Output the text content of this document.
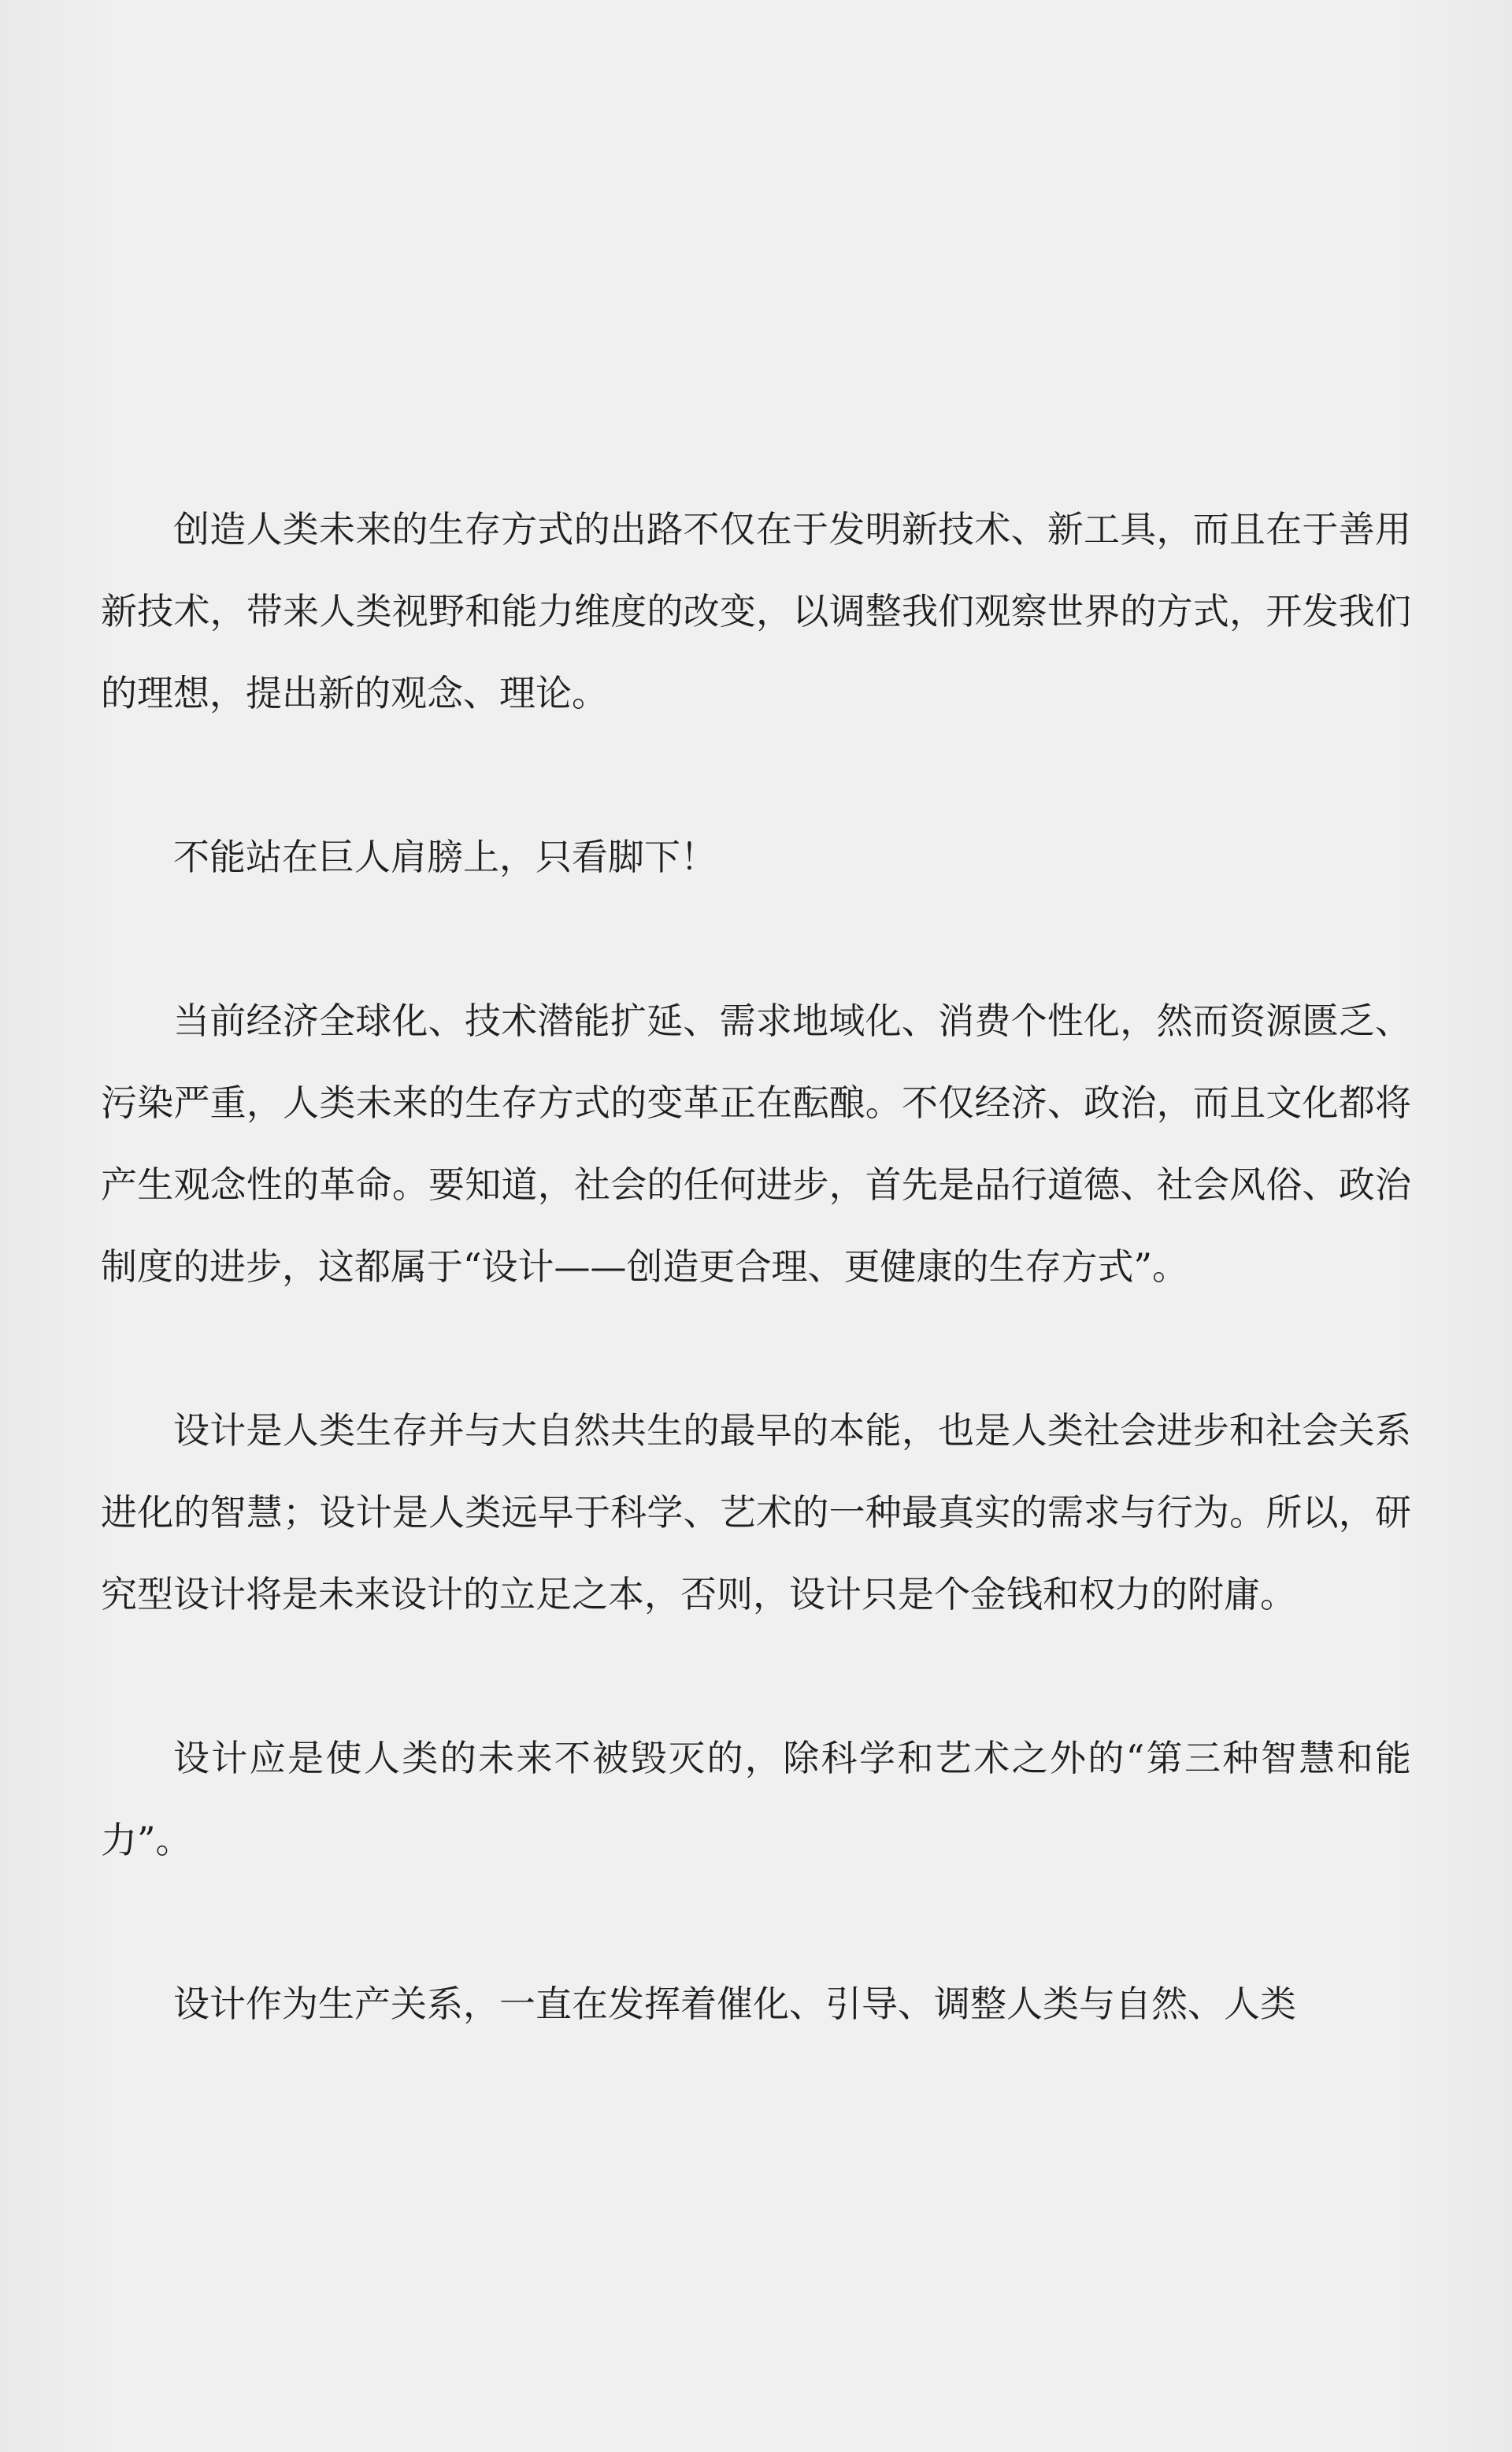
创造人类未来的生存方式的出路不仅在于发明新技术、新工具，而且在于善用新技术，带来人类视野和能力维度的改变，以调整我们观察世界的方式，开发我们的理想，提出新的观念、理论。

不能站在巨人肩膀上，只看脚下！

当前经济全球化、技术潜能扩延、需求地域化、消费个性化，然而资源匮乏、污染严重，人类未来的生存方式的变革正在酝酿。不仅经济、政治，而且文化都将产生观念性的革命。要知道，社会的任何进步，首先是品行道德、社会风俗、政治制度的进步，这都属于“设计——创造更合理、更健康的生存方式”。

设计是人类生存并与大自然共生的最早的本能，也是人类社会进步和社会关系进化的智慧；设计是人类远早于科学、艺术的一种最真实的需求与行为。所以，研究型设计将是未来设计的立足之本，否则，设计只是个金钱和权力的附庸。

设计应是使人类的未来不被毁灭的，除科学和艺术之外的“第三种智慧和能力”。

设计作为生产关系，一直在发挥着催化、引导、调整人类与自然、人类
